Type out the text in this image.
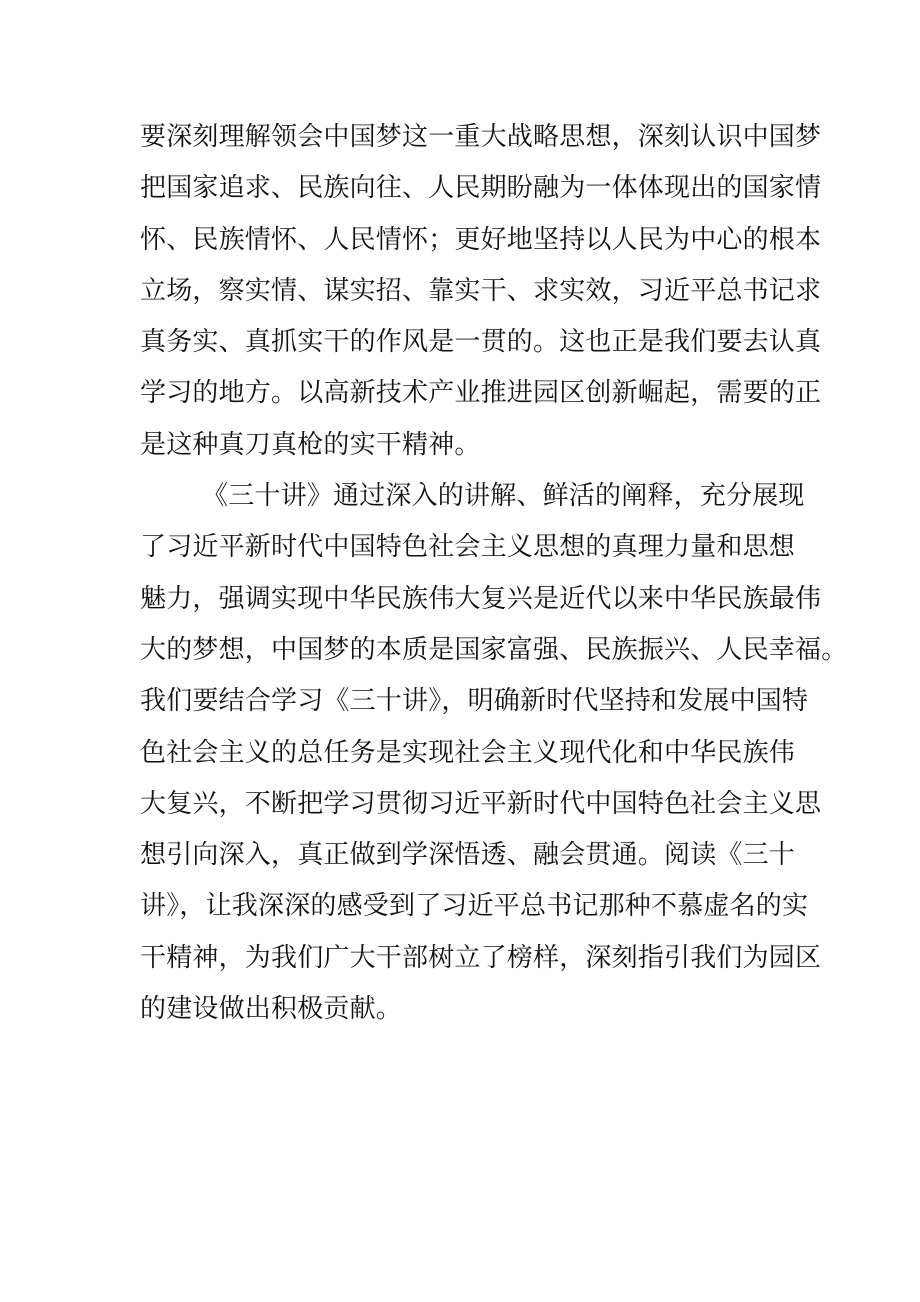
要深刻理解领会中国梦这一重大战略思想，深刻认识中国梦
把国家追求、民族向往、人民期盼融为一体体现出的国家情
怀、民族情怀、人民情怀；更好地坚持以人民为中心的根本
立场，察实情、谋实招、靠实干、求实效，习近平总书记求
真务实、真抓实干的作风是一贯的。这也正是我们要去认真
学习的地方。以高新技术产业推进园区创新崛起，需要的正
是这种真刀真枪的实干精神。
《三十讲》通过深入的讲解、鲜活的阐释，充分展现
了习近平新时代中国特色社会主义思想的真理力量和思想
魅力，强调实现中华民族伟大复兴是近代以来中华民族最伟
大的梦想，中国梦的本质是国家富强、民族振兴、人民幸福。
我们要结合学习《三十讲》，明确新时代坚持和发展中国特
色社会主义的总任务是实现社会主义现代化和中华民族伟
大复兴，不断把学习贯彻习近平新时代中国特色社会主义思
想引向深入，真正做到学深悟透、融会贯通。阅读《三十
讲》，让我深深的感受到了习近平总书记那种不慕虚名的实
干精神，为我们广大干部树立了榜样，深刻指引我们为园区
的建设做出积极贡献。
